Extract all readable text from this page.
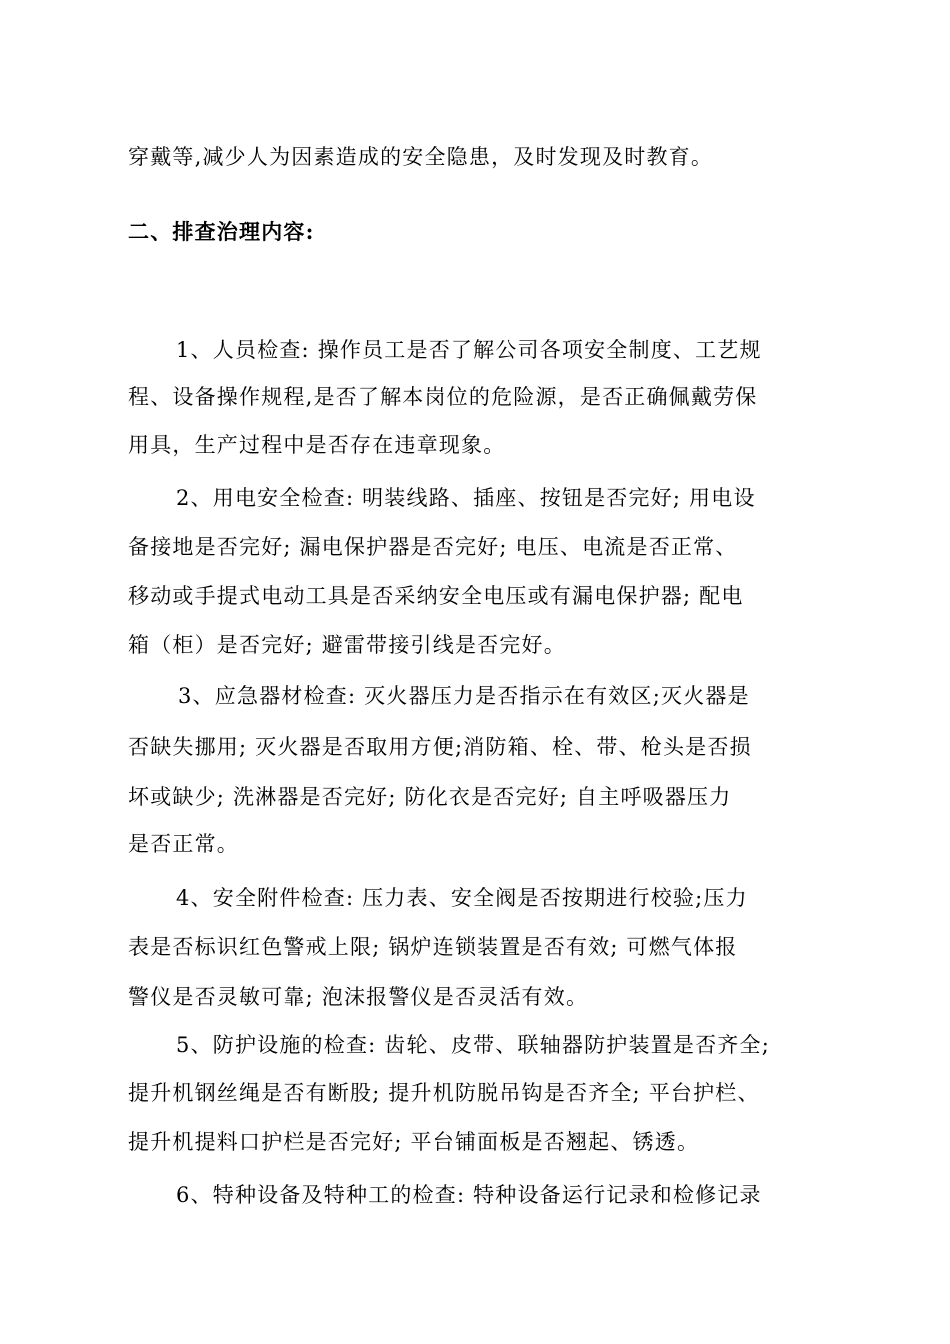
穿戴等,减少人为因素造成的安全隐患，及时发现及时教育。
二、排查治理内容:
1、人员检查: 操作员工是否了解公司各项安全制度、工艺规
程、设备操作规程,是否了解本岗位的危险源，是否正确佩戴劳保
用具，生产过程中是否存在违章现象。
2、用电安全检查: 明装线路、插座、按钮是否完好; 用电设
备接地是否完好; 漏电保护器是否完好; 电压、电流是否正常、
移动或手提式电动工具是否采纳安全电压或有漏电保护器; 配电
箱（柜）是否完好; 避雷带接引线是否完好。
3、应急器材检查: 灭火器压力是否指示在有效区;灭火器是
否缺失挪用; 灭火器是否取用方便;消防箱、栓、带、枪头是否损
坏或缺少; 洗淋器是否完好; 防化衣是否完好; 自主呼吸器压力
是否正常。
4、安全附件检查: 压力表、安全阀是否按期进行校验;压力
表是否标识红色警戒上限; 锅炉连锁装置是否有效; 可燃气体报
警仪是否灵敏可靠; 泡沫报警仪是否灵活有效。
5、防护设施的检查: 齿轮、皮带、联轴器防护装置是否齐全;
提升机钢丝绳是否有断股; 提升机防脱吊钩是否齐全; 平台护栏、
提升机提料口护栏是否完好; 平台铺面板是否翘起、锈透。
6、特种设备及特种工的检查: 特种设备运行记录和检修记录
